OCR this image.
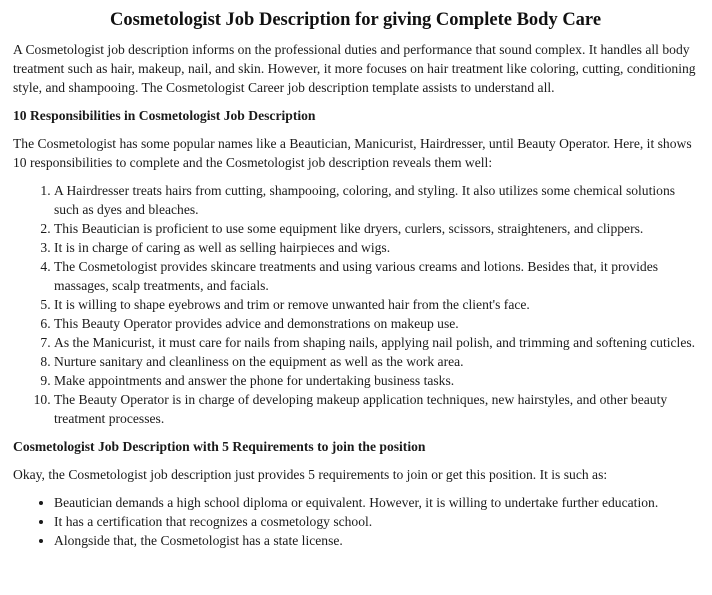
Cosmetologist Job Description for giving Complete Body Care

A Cosmetologist job description informs on the professional duties and performance that sound complex. It handles all body treatment such as hair, makeup, nail, and skin. However, it more focuses on hair treatment like coloring, cutting, conditioning style, and shampooing. The Cosmetologist Career job description template assists to understand all.

10 Responsibilities in Cosmetologist Job Description

The Cosmetologist has some popular names like a Beautician, Manicurist, Hairdresser, until Beauty Operator. Here, it shows 10 responsibilities to complete and the Cosmetologist job description reveals them well:

1. A Hairdresser treats hairs from cutting, shampooing, coloring, and styling. It also utilizes some chemical solutions such as dyes and bleaches.
2. This Beautician is proficient to use some equipment like dryers, curlers, scissors, straighteners, and clippers.
3. It is in charge of caring as well as selling hairpieces and wigs.
4. The Cosmetologist provides skincare treatments and using various creams and lotions. Besides that, it provides massages, scalp treatments, and facials.
5. It is willing to shape eyebrows and trim or remove unwanted hair from the client's face.
6. This Beauty Operator provides advice and demonstrations on makeup use.
7. As the Manicurist, it must care for nails from shaping nails, applying nail polish, and trimming and softening cuticles.
8. Nurture sanitary and cleanliness on the equipment as well as the work area.
9. Make appointments and answer the phone for undertaking business tasks.
10. The Beauty Operator is in charge of developing makeup application techniques, new hairstyles, and other beauty treatment processes.
Cosmetologist Job Description with 5 Requirements to join the position

Okay, the Cosmetologist job description just provides 5 requirements to join or get this position. It is such as:

• Beautician demands a high school diploma or equivalent. However, it is willing to undertake further education.
• It has a certification that recognizes a cosmetology school.
• Alongside that, the Cosmetologist has a state license.
